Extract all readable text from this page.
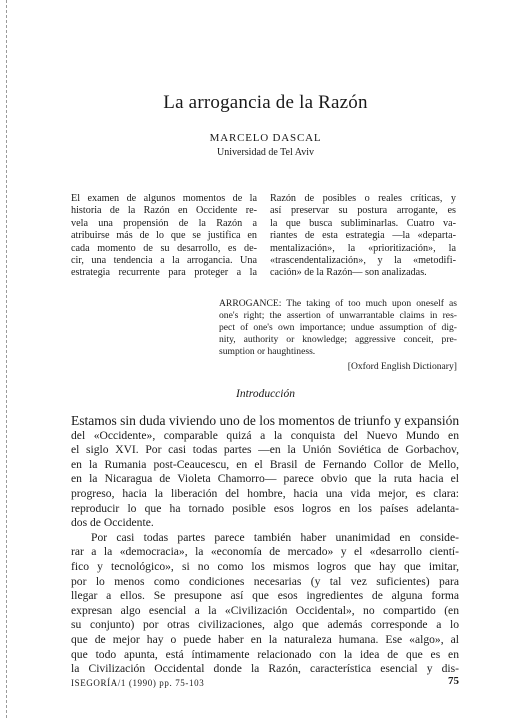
La arrogancia de la Razón
MARCELO DASCAL
Universidad de Tel Aviv
El examen de algunos momentos de la
historia de la Razón en Occidente re-
vela una propensión de la Razón a
atribuirse más de lo que se justifica en
cada momento de su desarrollo, es de-
cir, una tendencia a la arrogancia. Una
estrategia recurrente para proteger a la
Razón de posibles o reales críticas, y
así preservar su postura arrogante, es
la que busca subliminarlas. Cuatro va-
riantes de esta estrategia —la «departa-
mentalización», la «prioritización», la
«trascendentalización», y la «metodifi-
cación» de la Razón— son analizadas.
ARROGANCE: The taking of too much upon oneself as
one's right; the assertion of unwarrantable claims in res-
pect of one's own importance; undue assumption of dig-
nity, authority or knowledge; aggressive conceit, pre-
sumption or haughtiness.
[Oxford English Dictionary]
Introducción
Estamos sin duda viviendo uno de los momentos de triunfo y expansión
del «Occidente», comparable quizá a la conquista del Nuevo Mundo en
el siglo XVI. Por casi todas partes —en la Unión Soviética de Gorbachov,
en la Rumania post-Ceaucescu, en el Brasil de Fernando Collor de Mello,
en la Nicaragua de Violeta Chamorro— parece obvio que la ruta hacia el
progreso, hacia la liberación del hombre, hacia una vida mejor, es clara:
reproducir lo que ha tornado posible esos logros en los países adelanta-
dos de Occidente.
Por casi todas partes parece también haber unanimidad en conside-
rar a la «democracia», la «economía de mercado» y el «desarrollo cientí-
fico y tecnológico», si no como los mismos logros que hay que imitar,
por lo menos como condiciones necesarias (y tal vez suficientes) para
llegar a ellos. Se presupone así que esos ingredientes de alguna forma
expresan algo esencial a la «Civilización Occidental», no compartido (en
su conjunto) por otras civilizaciones, algo que además corresponde a lo
que de mejor hay o puede haber en la naturaleza humana. Ese «algo», al
que todo apunta, está íntimamente relacionado con la idea de que es en
la Civilización Occidental donde la Razón, característica esencial y dis-
ISEGORÍA/1 (1990) pp. 75-103	75
